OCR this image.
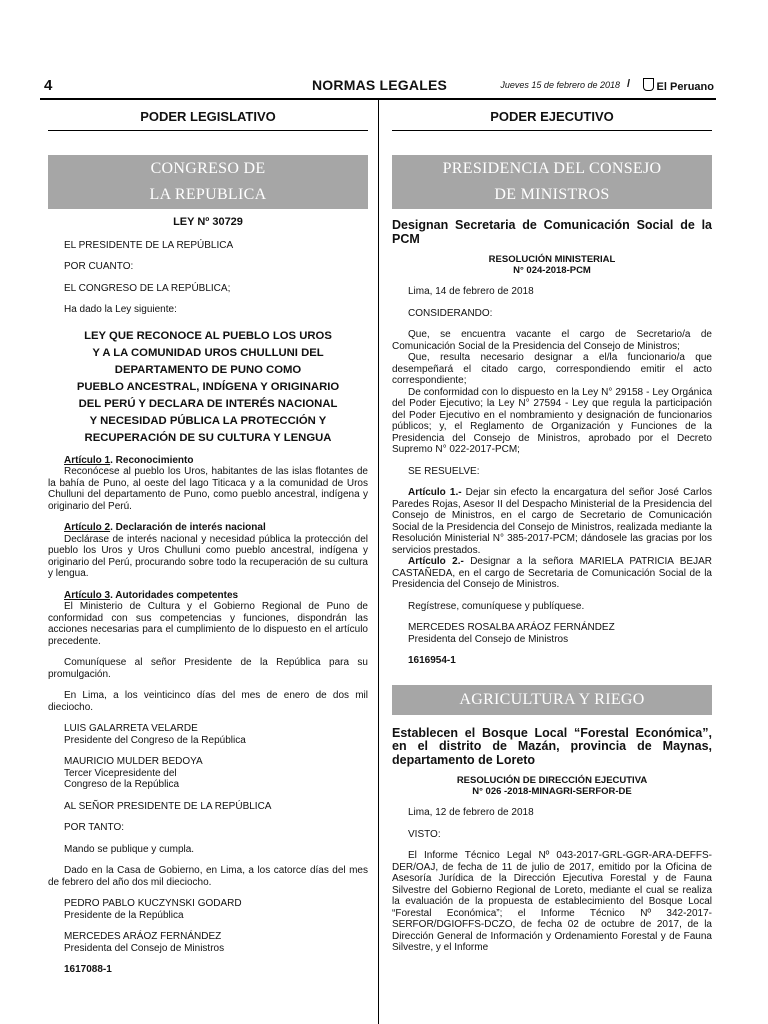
4	NORMAS LEGALES	Jueves 15 de febrero de 2018 /	El Peruano
PODER LEGISLATIVO
CONGRESO DE
LA REPUBLICA

LEY Nº 30729

EL PRESIDENTE DE LA REPÚBLICA

POR CUANTO:

EL CONGRESO DE LA REPÚBLICA;

Ha dado la Ley siguiente:

LEY QUE RECONOCE AL PUEBLO LOS UROS
Y A LA COMUNIDAD UROS CHULLUNI DEL
DEPARTAMENTO DE PUNO COMO
PUEBLO ANCESTRAL, INDÍGENA Y ORIGINARIO
DEL PERÚ Y DECLARA DE INTERÉS NACIONAL
Y NECESIDAD PÚBLICA LA PROTECCIÓN Y
RECUPERACIÓN DE SU CULTURA Y LENGUA

Artículo 1. Reconocimiento

Reconócese al pueblo los Uros, habitantes de las islas flotantes de la bahía de Puno, al oeste del lago Titicaca y a la comunidad de Uros Chulluni del departamento de Puno, como pueblo ancestral, indígena y originario del Perú.

Artículo 2. Declaración de interés nacional

Declárase de interés nacional y necesidad pública la protección del pueblo los Uros y Uros Chulluni como pueblo ancestral, indígena y originario del Perú, procurando sobre todo la recuperación de su cultura y lengua.

Artículo 3. Autoridades competentes

El Ministerio de Cultura y el Gobierno Regional de Puno de conformidad con sus competencias y funciones, dispondrán las acciones necesarias para el cumplimiento de lo dispuesto en el artículo precedente.

Comuníquese al señor Presidente de la República para su promulgación.

En Lima, a los veinticinco días del mes de enero de dos mil dieciocho.

LUIS GALARRETA VELARDE

Presidente del Congreso de la República

MAURICIO MULDER BEDOYA

Tercer Vicepresidente del

Congreso de la República

AL SEÑOR PRESIDENTE DE LA REPÚBLICA

POR TANTO:

Mando se publique y cumpla.

Dado en la Casa de Gobierno, en Lima, a los catorce días del mes de febrero del año dos mil dieciocho.

PEDRO PABLO KUCZYNSKI GODARD

Presidente de la República

MERCEDES ARÁOZ FERNÁNDEZ

Presidenta del Consejo de Ministros

1617088-1

PODER EJECUTIVO
PRESIDENCIA DEL CONSEJO
DE MINISTROS

Designan Secretaria de Comunicación Social de la PCM

RESOLUCIÓN MINISTERIAL

N° 024-2018-PCM

Lima, 14 de febrero de 2018

CONSIDERANDO:

Que, se encuentra vacante el cargo de Secretario/a de Comunicación Social de la Presidencia del Consejo de Ministros;

Que, resulta necesario designar a el/la funcionario/a que desempeñará el citado cargo, correspondiendo emitir el acto correspondiente;

De conformidad con lo dispuesto en la Ley N° 29158 - Ley Orgánica del Poder Ejecutivo; la Ley N° 27594 - Ley que regula la participación del Poder Ejecutivo en el nombramiento y designación de funcionarios públicos; y, el Reglamento de Organización y Funciones de la Presidencia del Consejo de Ministros, aprobado por el Decreto Supremo N° 022-2017-PCM;

SE RESUELVE:

Artículo 1.- Dejar sin efecto la encargatura del señor José Carlos Paredes Rojas, Asesor II del Despacho Ministerial de la Presidencia del Consejo de Ministros, en el cargo de Secretario de Comunicación Social de la Presidencia del Consejo de Ministros, realizada mediante la Resolución Ministerial N° 385-2017-PCM; dándosele las gracias por los servicios prestados.

Artículo 2.- Designar a la señora MARIELA PATRICIA BEJAR CASTAÑEDA, en el cargo de Secretaria de Comunicación Social de la Presidencia del Consejo de Ministros.

Regístrese, comuníquese y publíquese.

MERCEDES ROSALBA ARÁOZ FERNÁNDEZ

Presidenta del Consejo de Ministros

1616954-1

AGRICULTURA Y RIEGO

Establecen el Bosque Local “Forestal Económica”, en el distrito de Mazán, provincia de Maynas, departamento de Loreto

RESOLUCIÓN DE DIRECCIÓN EJECUTIVA

N° 026 -2018-MINAGRI-SERFOR-DE

Lima, 12 de febrero de 2018

VISTO:

El Informe Técnico Legal Nº 043-2017-GRL-GGR-ARA-DEFFS-DER/OAJ, de fecha de 11 de julio de 2017, emitido por la Oficina de Asesoría Jurídica de la Dirección Ejecutiva Forestal y de Fauna Silvestre del Gobierno Regional de Loreto, mediante el cual se realiza la evaluación de la propuesta de establecimiento del Bosque Local “Forestal Económica”; el Informe Técnico Nº 342-2017-SERFOR/DGIOFFS-DCZO, de fecha 02 de octubre de 2017, de la Dirección General de Información y Ordenamiento Forestal y de Fauna Silvestre, y el Informe
